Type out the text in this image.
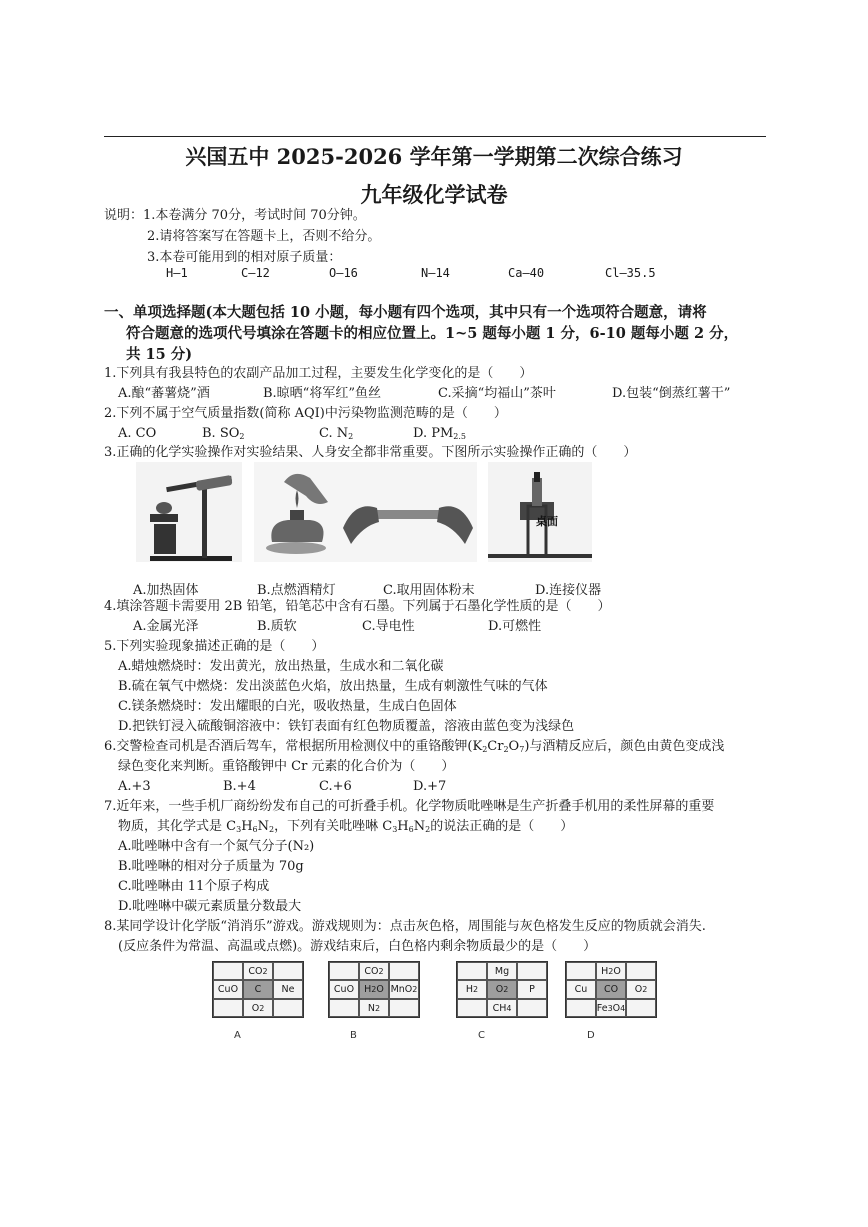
兴国五中 2025-2026 学年第一学期第二次综合练习
九年级化学试卷
说明：1.本卷满分 70分，考试时间 70分钟。
2.请将答案写在答题卡上，否则不给分。
3.本卷可能用到的相对原子质量：
H—1	C—12	O—16	N—14	Ca—40	Cl—35.5
一、单项选择题(本大题包括 10 小题，每小题有四个选项，其中只有一个选项符合题意，请将
符合题意的选项代号填涂在答题卡的相应位置上。1~5 题每小题 1 分，6-10 题每小题 2 分，
共 15 分)
1.下列具有我县特色的农副产品加工过程，主要发生化学变化的是（　　）
A.酿“蕃薯烧”酒	B.晾晒“将军红”鱼丝	C.采摘“均福山”茶叶	D.包装“倒蒸红薯干”
2.下列不属于空气质量指数(简称 AQI)中污染物监测范畴的是（　　）
A. CO	B. $SO_2$	C. $N_2$	D. $PM_{2.5}$
3.正确的化学实验操作对实验结果、人身安全都非常重要。下图所示实验操作正确的（　　）
桌面
A.加热固体	B.点燃酒精灯	C.取用固体粉末	D.连接仪器
4.填涂答题卡需要用 2B 铅笔，铅笔芯中含有石墨。下列属于石墨化学性质的是（　　）
A.金属光泽	B.质软	C.导电性	D.可燃性
5.下列实验现象描述正确的是（　　）
A.蜡烛燃烧时：发出黄光，放出热量，生成水和二氧化碳
B.硫在氧气中燃烧：发出淡蓝色火焰，放出热量，生成有刺激性气味的气体
C.镁条燃烧时：发出耀眼的白光，吸收热量，生成白色固体
D.把铁钉浸入硫酸铜溶液中：铁钉表面有红色物质覆盖，溶液由蓝色变为浅绿色
6.交警检查司机是否酒后驾车，常根据所用检测仪中的重铬酸钾$(K_2Cr_2O_7)$与酒精反应后，颜色由黄色变成浅
绿色变化来判断。重铬酸钾中 Cr 元素的化合价为（　　）
A.+3	B.+4	C.+6	D.+7
7.近年来，一些手机厂商纷纷发布自己的可折叠手机。化学物质吡唑啉是生产折叠手机用的柔性屏幕的重要
物质，其化学式是 $C_3H_6N_2$，下列有关吡唑啉 $C_3H_6N_2$的说法正确的是（　　）
A.吡唑啉中含有一个氮气分子(N₂)
B.吡唑啉的相对分子质量为 70g
C.吡唑啉由 11个原子构成
D.吡唑啉中碳元素质量分数最大
8.某同学设计化学版“消消乐”游戏。游戏规则为：点击灰色格，周围能与灰色格发生反应的物质就会消失.
(反应条件为常温、高温或点燃)。游戏结束后，白色格内剩余物质最少的是（　　）
CO 2
CuO	C	Ne
O 2
A
CO 2
CuO	H 2 O MnO 2
N 2
B
Mg
H 2	O 2	P
CH 4
C
H 2 O
Cu	CO	O 2
Fe 3 O 4
D
